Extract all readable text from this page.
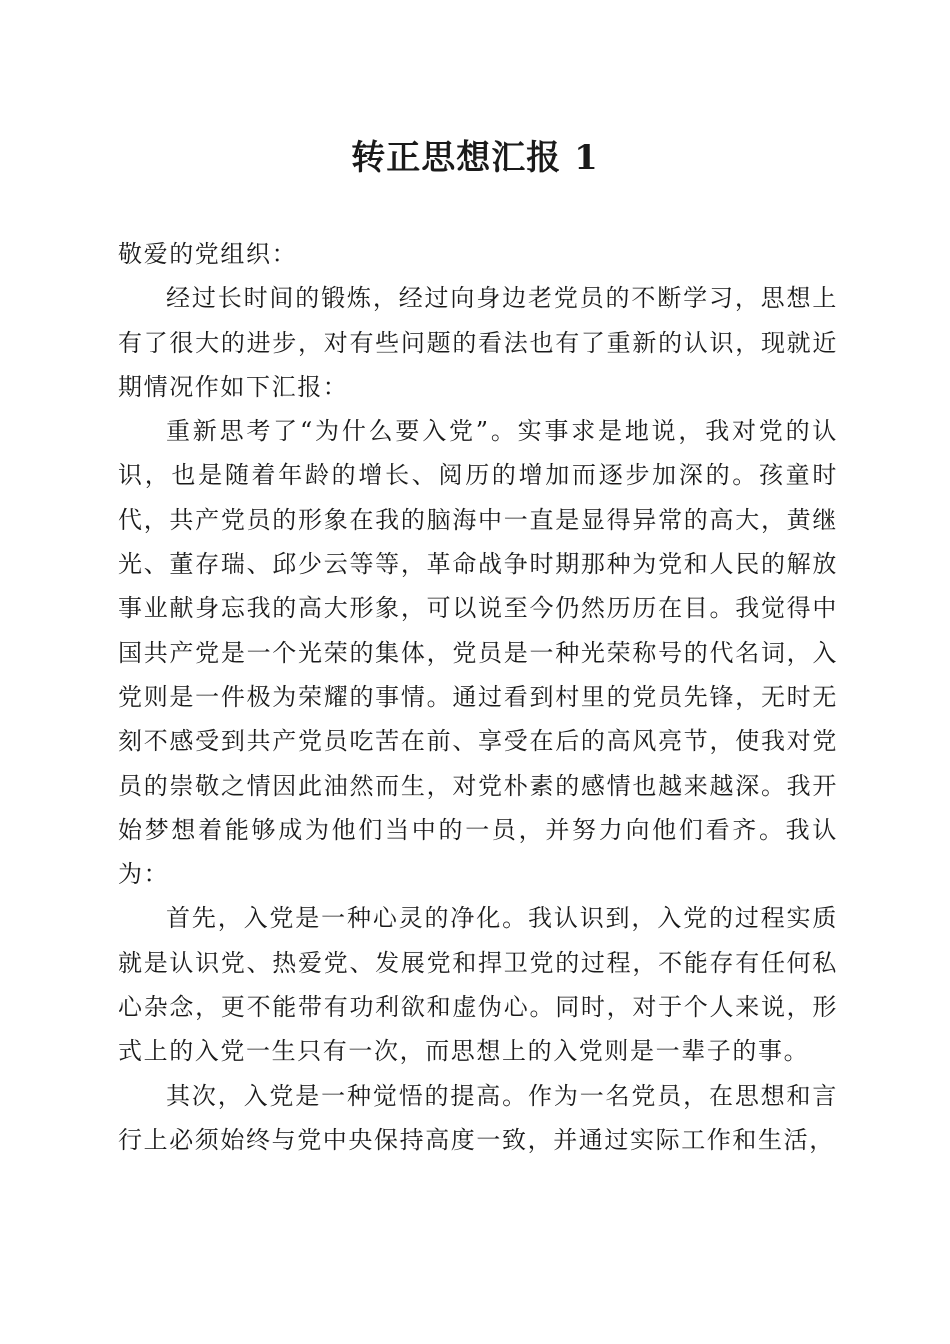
转正思想汇报 1

敬爱的党组织：

经过长时间的锻炼，经过向身边老党员的不断学习，思想上有了很大的进步，对有些问题的看法也有了重新的认识，现就近期情况作如下汇报：

重新思考了“为什么要入党”。实事求是地说，我对党的认识，也是随着年龄的增长、阅历的增加而逐步加深的。孩童时代，共产党员的形象在我的脑海中一直是显得异常的高大，黄继光、董存瑞、邱少云等等，革命战争时期那种为党和人民的解放事业献身忘我的高大形象，可以说至今仍然历历在目。我觉得中国共产党是一个光荣的集体，党员是一种光荣称号的代名词，入党则是一件极为荣耀的事情。通过看到村里的党员先锋，无时无刻不感受到共产党员吃苦在前、享受在后的高风亮节，使我对党员的崇敬之情因此油然而生，对党朴素的感情也越来越深。我开始梦想着能够成为他们当中的一员，并努力向他们看齐。我认为：

首先，入党是一种心灵的净化。我认识到，入党的过程实质就是认识党、热爱党、发展党和捍卫党的过程，不能存有任何私心杂念，更不能带有功利欲和虚伪心。同时，对于个人来说，形式上的入党一生只有一次，而思想上的入党则是一辈子的事。

其次，入党是一种觉悟的提高。作为一名党员，在思想和言行上必须始终与党中央保持高度一致，并通过实际工作和生活，
